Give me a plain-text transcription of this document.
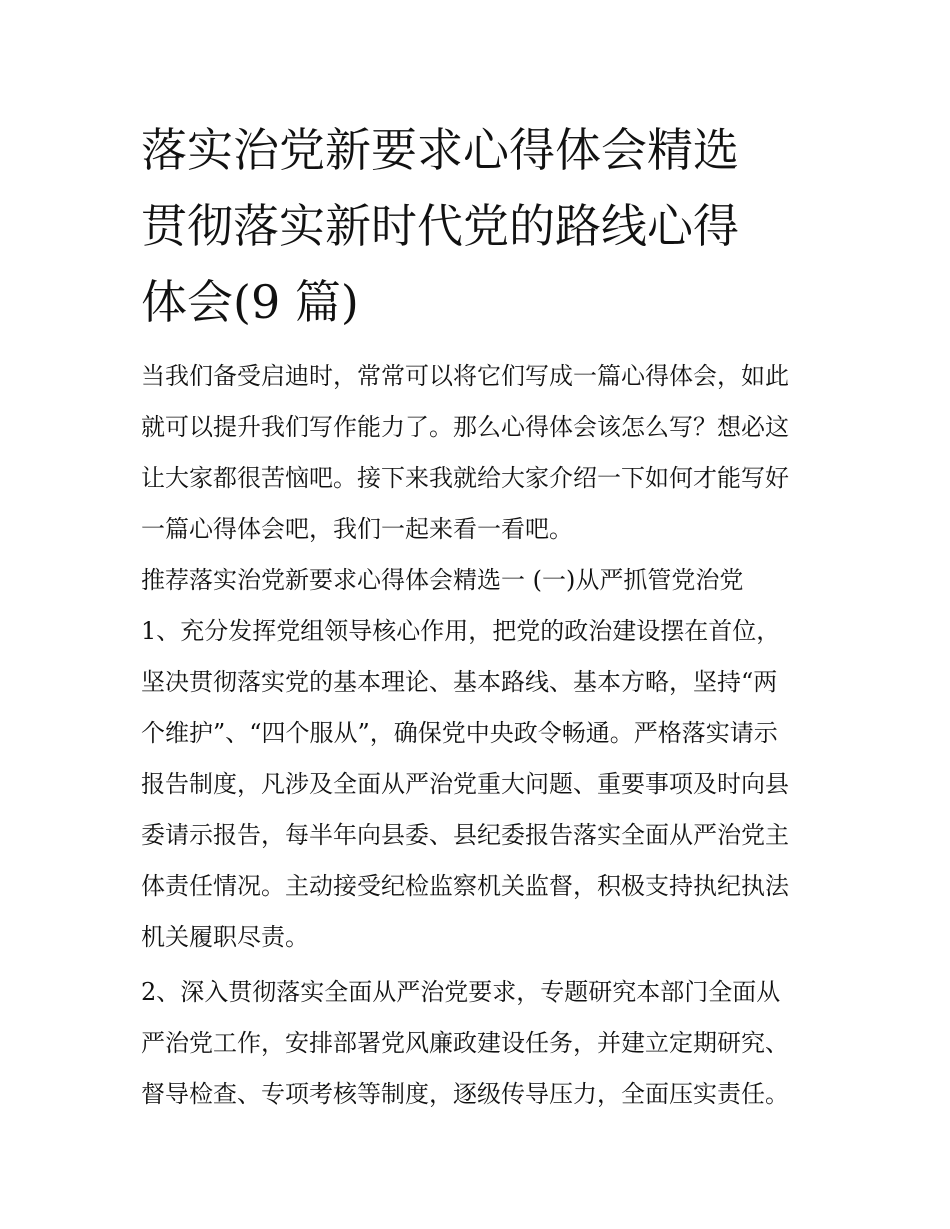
落实治党新要求心得体会精选
贯彻落实新时代党的路线心得
体会(9 篇)
当我们备受启迪时，常常可以将它们写成一篇心得体会，如此
就可以提升我们写作能力了。那么心得体会该怎么写？想必这
让大家都很苦恼吧。接下来我就给大家介绍一下如何才能写好
一篇心得体会吧，我们一起来看一看吧。
推荐落实治党新要求心得体会精选一 (一)从严抓管党治党
1、充分发挥党组领导核心作用，把党的政治建设摆在首位，
坚决贯彻落实党的基本理论、基本路线、基本方略，坚持“两
个维护”、“四个服从”，确保党中央政令畅通。严格落实请示
报告制度，凡涉及全面从严治党重大问题、重要事项及时向县
委请示报告，每半年向县委、县纪委报告落实全面从严治党主
体责任情况。主动接受纪检监察机关监督，积极支持执纪执法
机关履职尽责。
2、深入贯彻落实全面从严治党要求，专题研究本部门全面从
严治党工作，安排部署党风廉政建设任务，并建立定期研究、
督导检查、专项考核等制度，逐级传导压力，全面压实责任。
